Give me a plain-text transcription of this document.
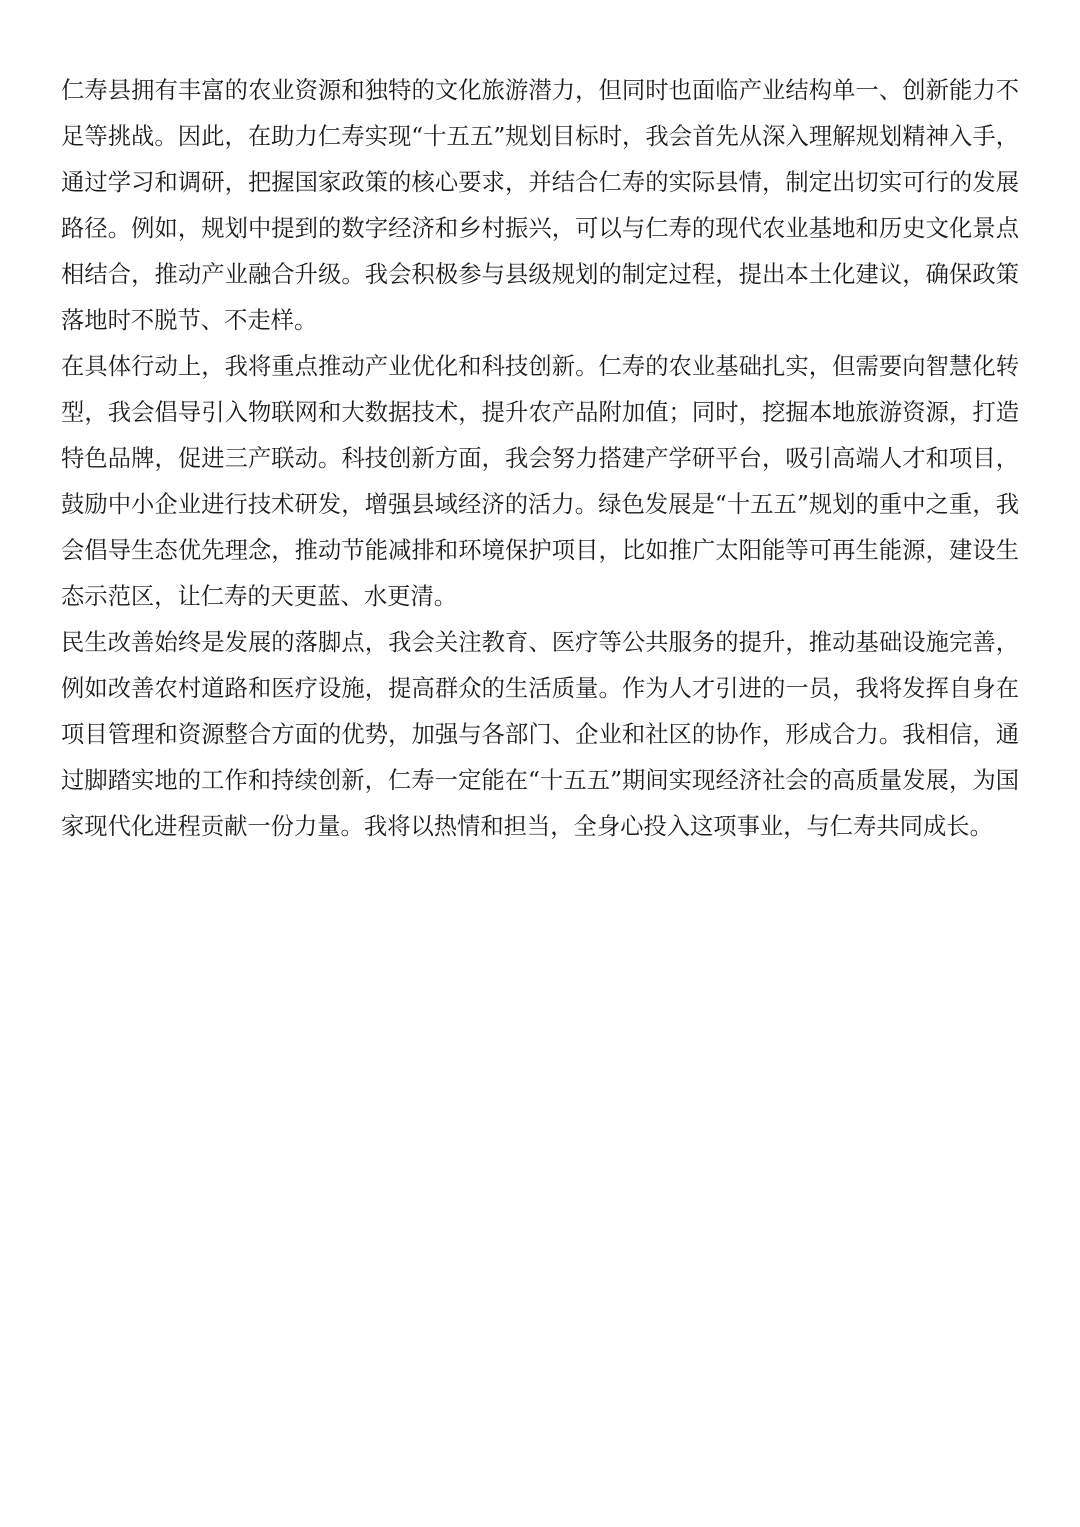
仁寿县拥有丰富的农业资源和独特的文化旅游潜力，但同时也面临产业结构单一、创新能力不足等挑战。因此，在助力仁寿实现“十五五”规划目标时，我会首先从深入理解规划精神入手，通过学习和调研，把握国家政策的核心要求，并结合仁寿的实际县情，制定出切实可行的发展路径。例如，规划中提到的数字经济和乡村振兴，可以与仁寿的现代农业基地和历史文化景点相结合，推动产业融合升级。我会积极参与县级规划的制定过程，提出本土化建议，确保政策落地时不脱节、不走样。

在具体行动上，我将重点推动产业优化和科技创新。仁寿的农业基础扎实，但需要向智慧化转型，我会倡导引入物联网和大数据技术，提升农产品附加值；同时，挖掘本地旅游资源，打造特色品牌，促进三产联动。科技创新方面，我会努力搭建产学研平台，吸引高端人才和项目，鼓励中小企业进行技术研发，增强县域经济的活力。绿色发展是“十五五”规划的重中之重，我会倡导生态优先理念，推动节能减排和环境保护项目，比如推广太阳能等可再生能源，建设生态示范区，让仁寿的天更蓝、水更清。

民生改善始终是发展的落脚点，我会关注教育、医疗等公共服务的提升，推动基础设施完善，例如改善农村道路和医疗设施，提高群众的生活质量。作为人才引进的一员，我将发挥自身在项目管理和资源整合方面的优势，加强与各部门、企业和社区的协作，形成合力。我相信，通过脚踏实地的工作和持续创新，仁寿一定能在“十五五”期间实现经济社会的高质量发展，为国家现代化进程贡献一份力量。我将以热情和担当，全身心投入这项事业，与仁寿共同成长。
